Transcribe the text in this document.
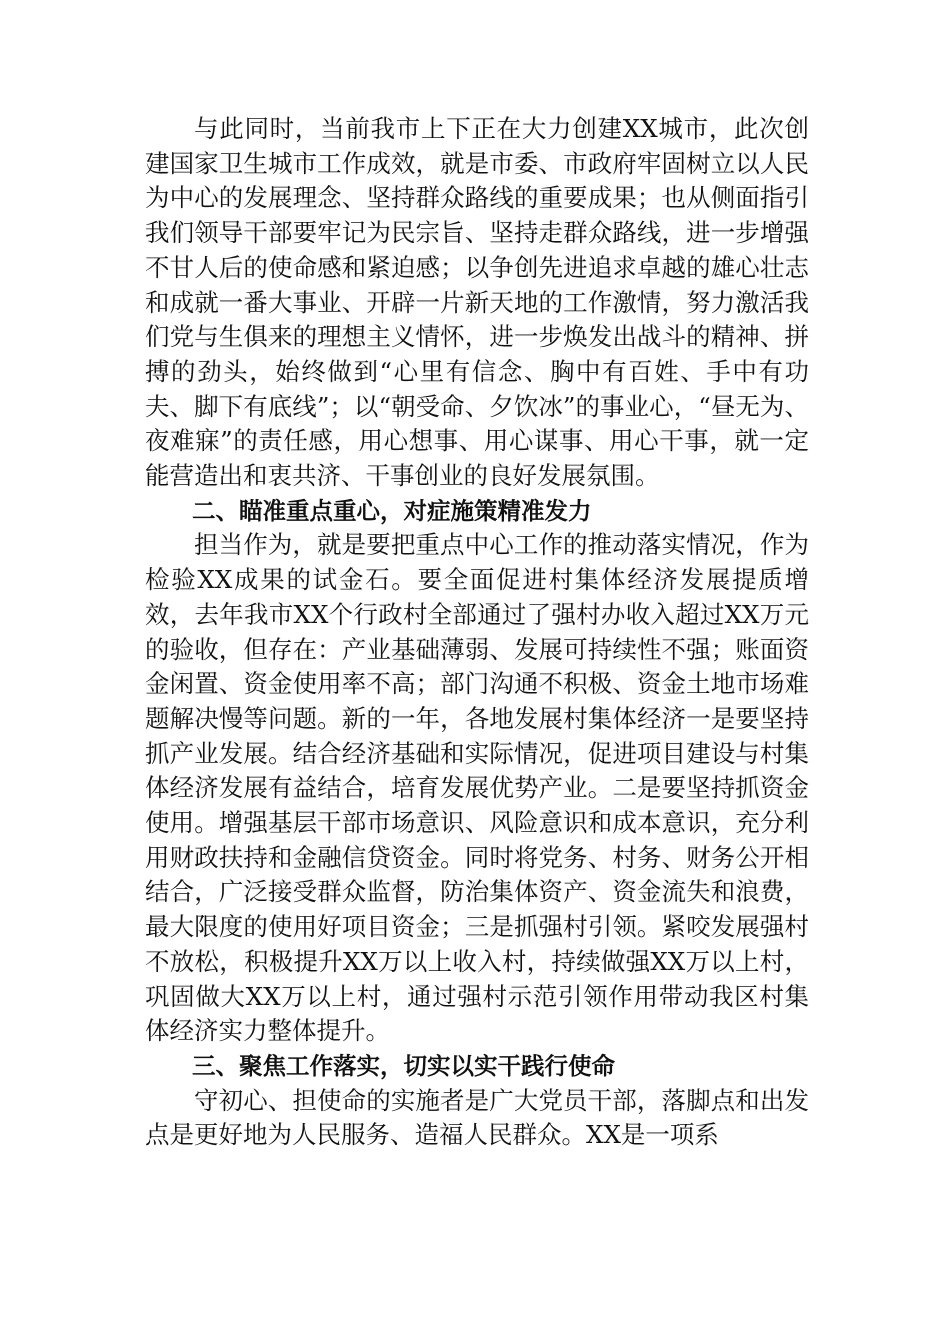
与此同时，当前我市上下正在大力创建XX城市，此次创建国家卫生城市工作成效，就是市委、市政府牢固树立以人民为中心的发展理念、坚持群众路线的重要成果；也从侧面指引我们领导干部要牢记为民宗旨、坚持走群众路线，进一步增强不甘人后的使命感和紧迫感；以争创先进追求卓越的雄心壮志和成就一番大事业、开辟一片新天地的工作激情，努力激活我们党与生俱来的理想主义情怀，进一步焕发出战斗的精神、拼搏的劲头，始终做到“心里有信念、胸中有百姓、手中有功夫、脚下有底线”；以“朝受命、夕饮冰”的事业心，“昼无为、夜难寐”的责任感，用心想事、用心谋事、用心干事，就一定能营造出和衷共济、干事创业的良好发展氛围。

二、瞄准重点重心，对症施策精准发力

担当作为，就是要把重点中心工作的推动落实情况，作为检验XX成果的试金石。要全面促进村集体经济发展提质增效，去年我市XX个行政村全部通过了强村办收入超过XX万元的验收，但存在：产业基础薄弱、发展可持续性不强；账面资金闲置、资金使用率不高；部门沟通不积极、资金土地市场难题解决慢等问题。新的一年，各地发展村集体经济一是要坚持抓产业发展。结合经济基础和实际情况，促进项目建设与村集体经济发展有益结合，培育发展优势产业。二是要坚持抓资金使用。增强基层干部市场意识、风险意识和成本意识，充分利用财政扶持和金融信贷资金。同时将党务、村务、财务公开相结合，广泛接受群众监督，防治集体资产、资金流失和浪费，最大限度的使用好项目资金；三是抓强村引领。紧咬发展强村不放松，积极提升XX万以上收入村，持续做强XX万以上村，巩固做大XX万以上村，通过强村示范引领作用带动我区村集体经济实力整体提升。

三、聚焦工作落实，切实以实干践行使命

守初心、担使命的实施者是广大党员干部，落脚点和出发点是更好地为人民服务、造福人民群众。XX是一项系
